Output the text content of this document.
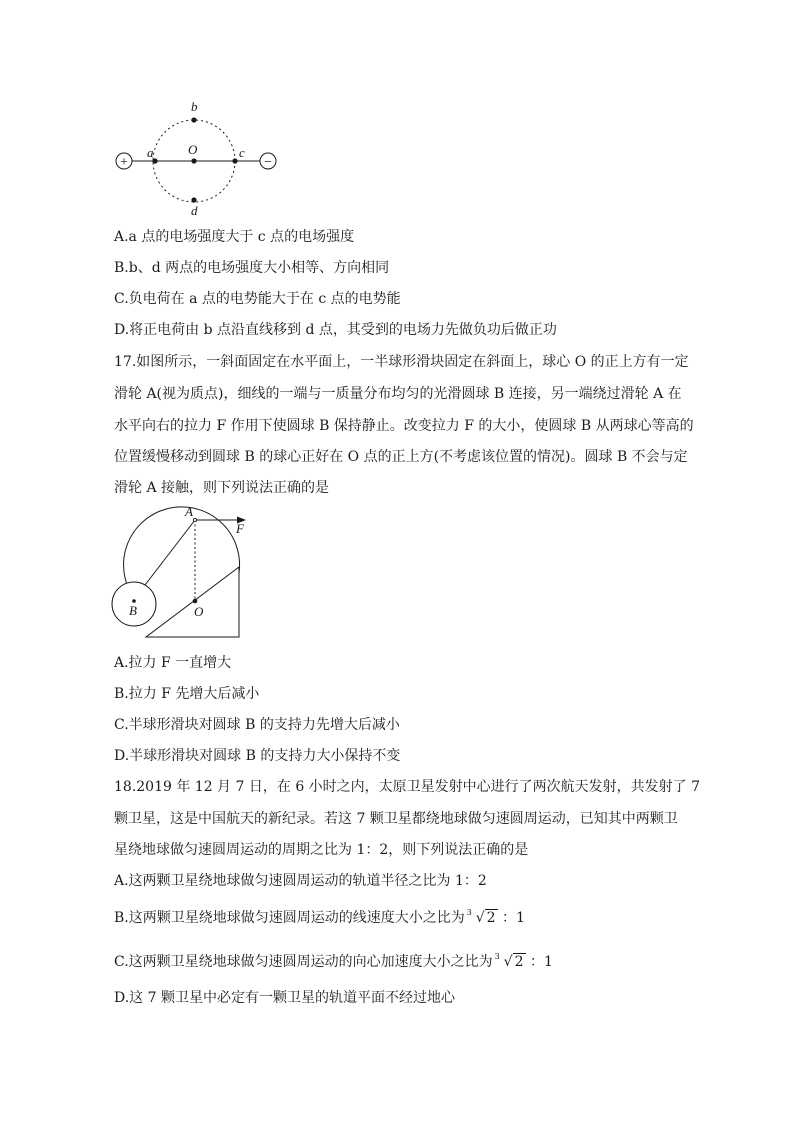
+	−
a	O	c
b
d
A.a 点的电场强度大于 c 点的电场强度
B.b、d 两点的电场强度大小相等、方向相同
C.负电荷在 a 点的电势能大于在 c 点的电势能
D.将正电荷由 b 点沿直线移到 d 点，其受到的电场力先做负功后做正功
17.如图所示，一斜面固定在水平面上，一半球形滑块固定在斜面上，球心 O 的正上方有一定
滑轮 A(视为质点)，细线的一端与一质量分布均匀的光滑圆球 B 连接，另一端绕过滑轮 A 在
水平向右的拉力 F 作用下使圆球 B 保持静止。改变拉力 F 的大小，使圆球 B 从两球心等高的
位置缓慢移动到圆球 B 的球心正好在 O 点的正上方(不考虑该位置的情况)。圆球 B 不会与定
滑轮 A 接触，则下列说法正确的是
A
F
B	O
A.拉力 F 一直增大
B.拉力 F 先增大后减小
C.半球形滑块对圆球 B 的支持力先增大后减小
D.半球形滑块对圆球 B 的支持力大小保持不变
18.2019 年 12 月 7 日，在 6 小时之内，太原卫星发射中心进行了两次航天发射，共发射了 7
颗卫星，这是中国航天的新纪录。若这 7 颗卫星都绕地球做匀速圆周运动，已知其中两颗卫
星绕地球做匀速圆周运动的周期之比为 1：2，则下列说法正确的是
A.这两颗卫星绕地球做匀速圆周运动的轨道半径之比为 1：2
B.这两颗卫星绕地球做匀速圆周运动的线速度大小之比为 3 √ 2 ：1
C.这两颗卫星绕地球做匀速圆周运动的向心加速度大小之比为 3 √ 2 ：1
D.这 7 颗卫星中必定有一颗卫星的轨道平面不经过地心
